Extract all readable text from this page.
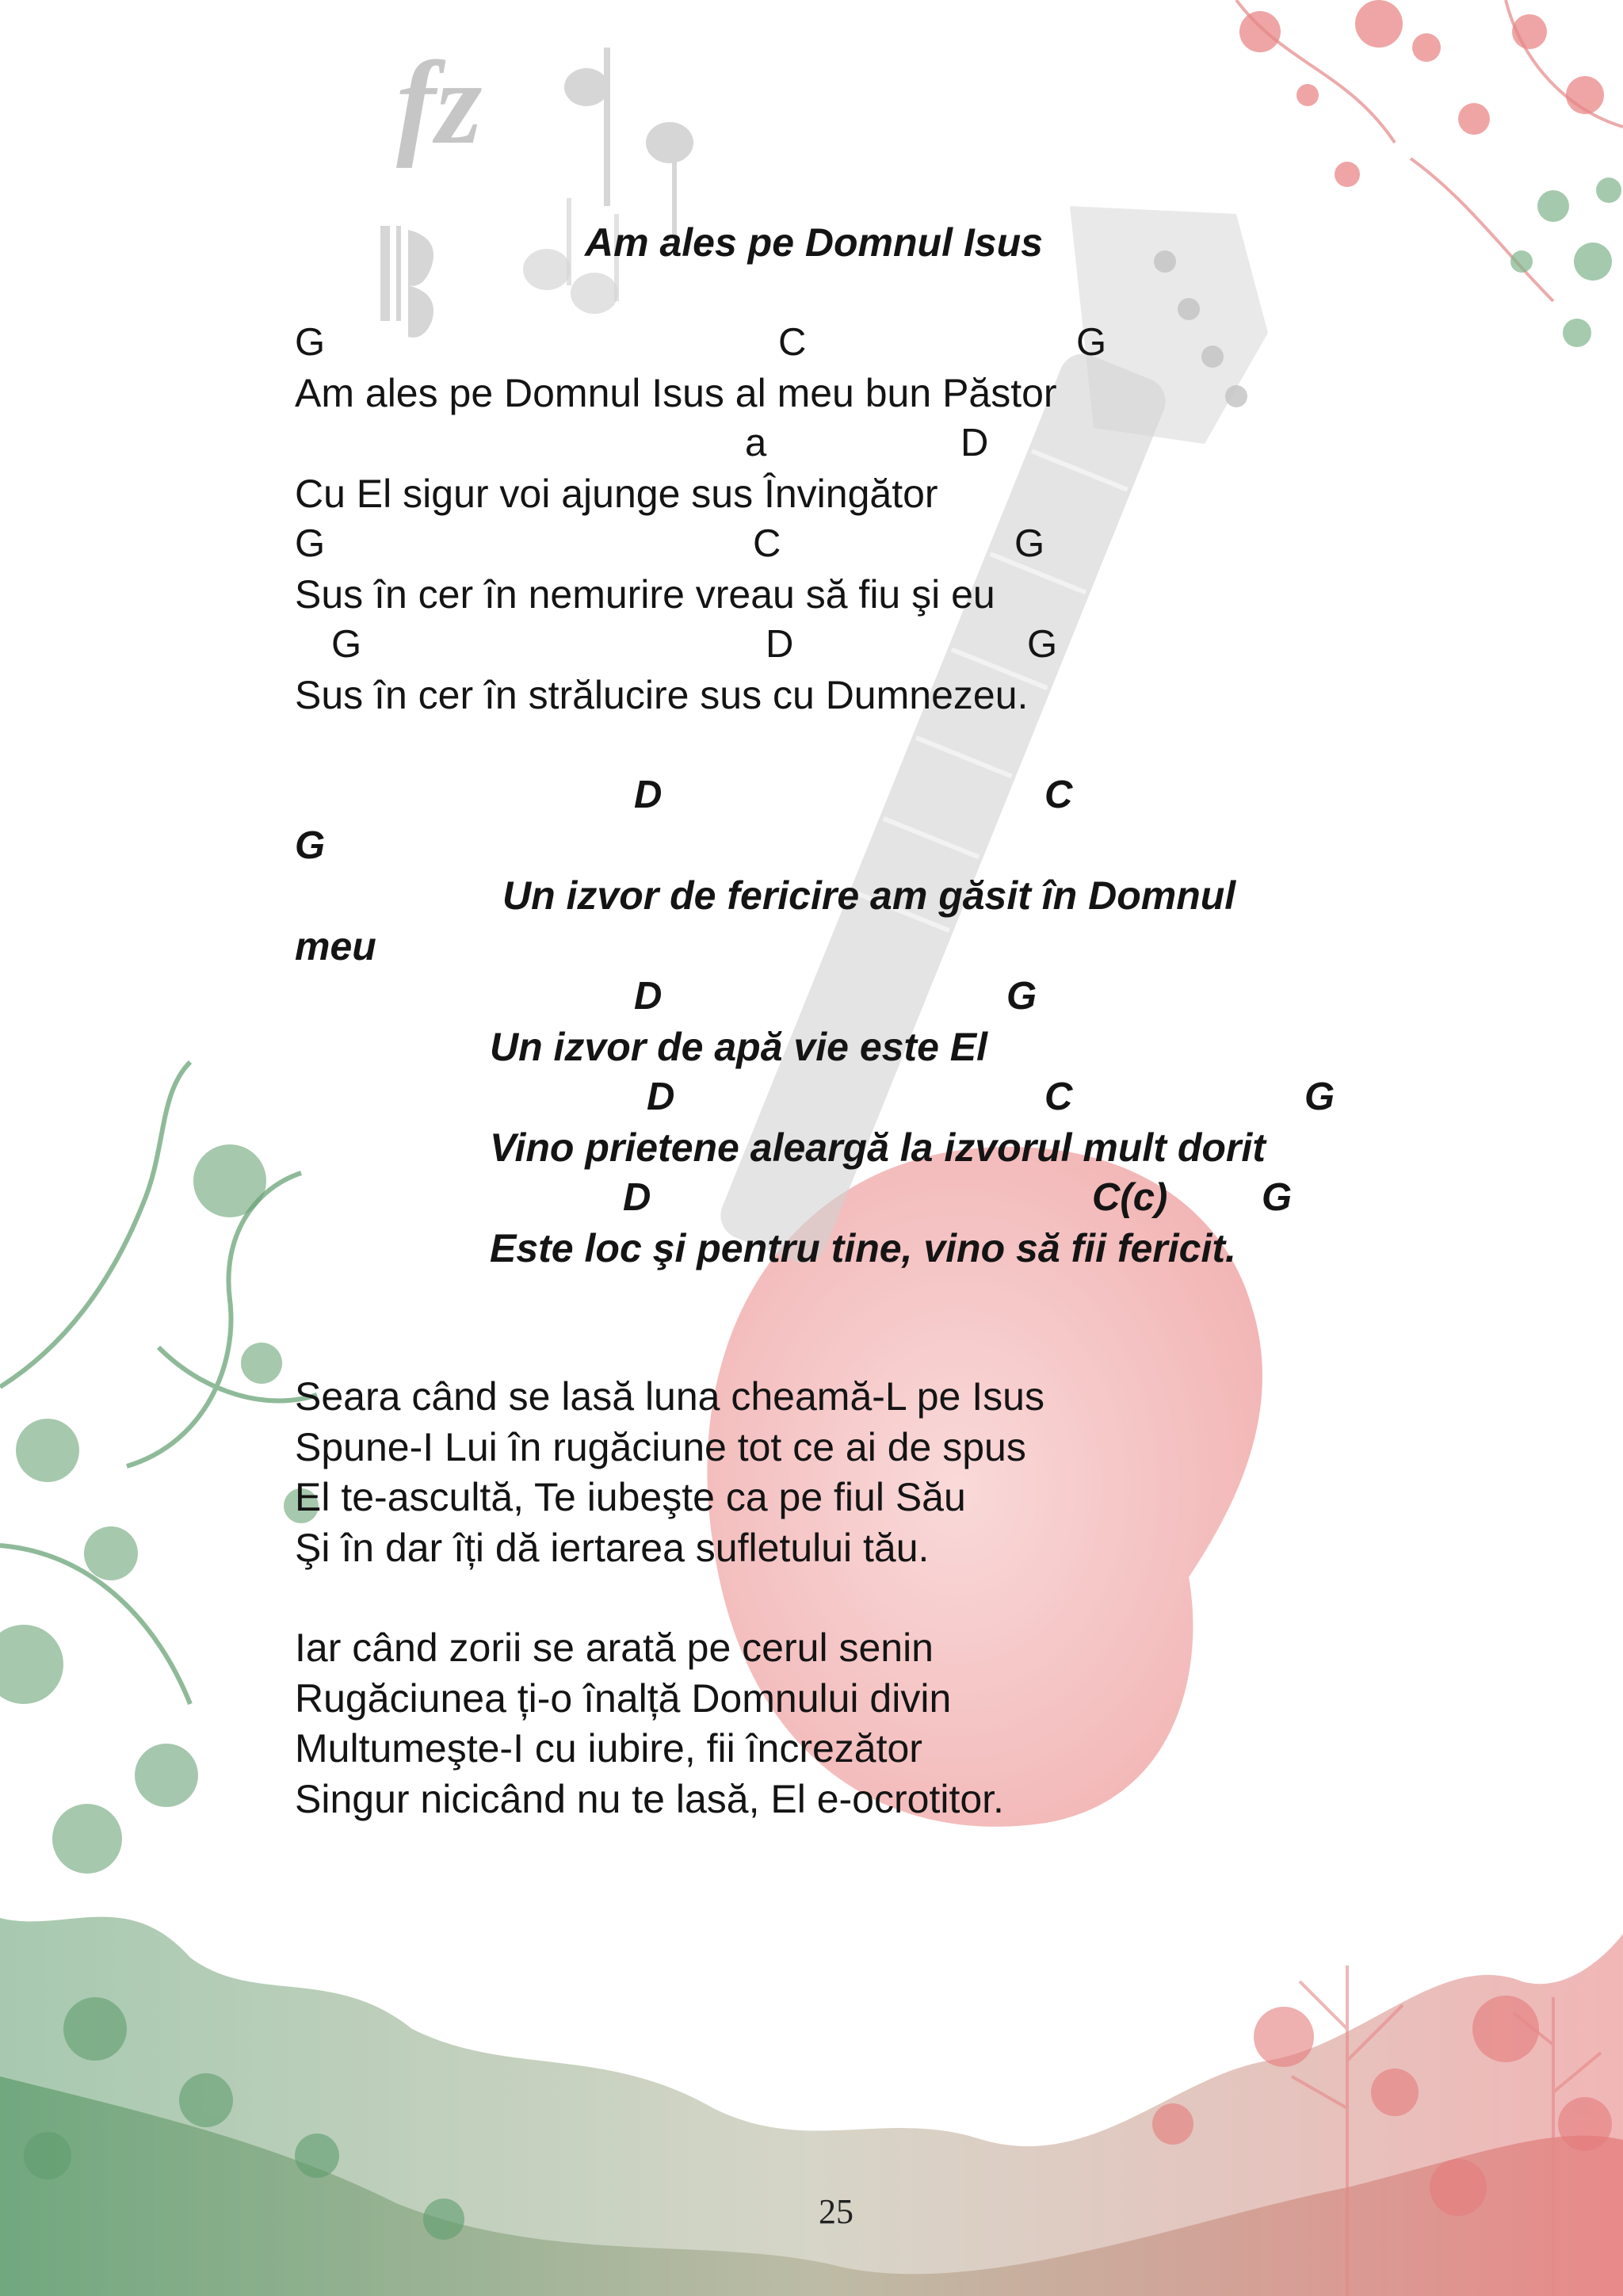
fz
Am ales pe Domnul Isus
G	C	G
Am ales pe Domnul Isus al meu bun Păstor
a	D
Cu El sigur voi ajunge sus Învingător
G	C	G
Sus în cer în nemurire vreau să fiu şi eu
G	D	G
Sus în cer în strălucire sus cu Dumnezeu.
D	C
G
Un izvor de fericire am găsit în Domnul
meu
D	G
Un izvor de apă vie este El
D	C	G
Vino prietene aleargă la izvorul mult dorit
D	C(c) G
Este loc şi pentru tine, vino să fii fericit.
Seara când se lasă luna cheamă-L pe Isus
Spune-I Lui în rugăciune tot ce ai de spus
El te-ascultă, Te iubeşte ca pe fiul Său
Şi în dar îți dă iertarea sufletului tău.
Iar când zorii se arată pe cerul senin
Rugăciunea ți-o înalță Domnului divin
Multumeşte-I cu iubire, fii încrezător
Singur nicicând nu te lasă, El e-ocrotitor.
25
